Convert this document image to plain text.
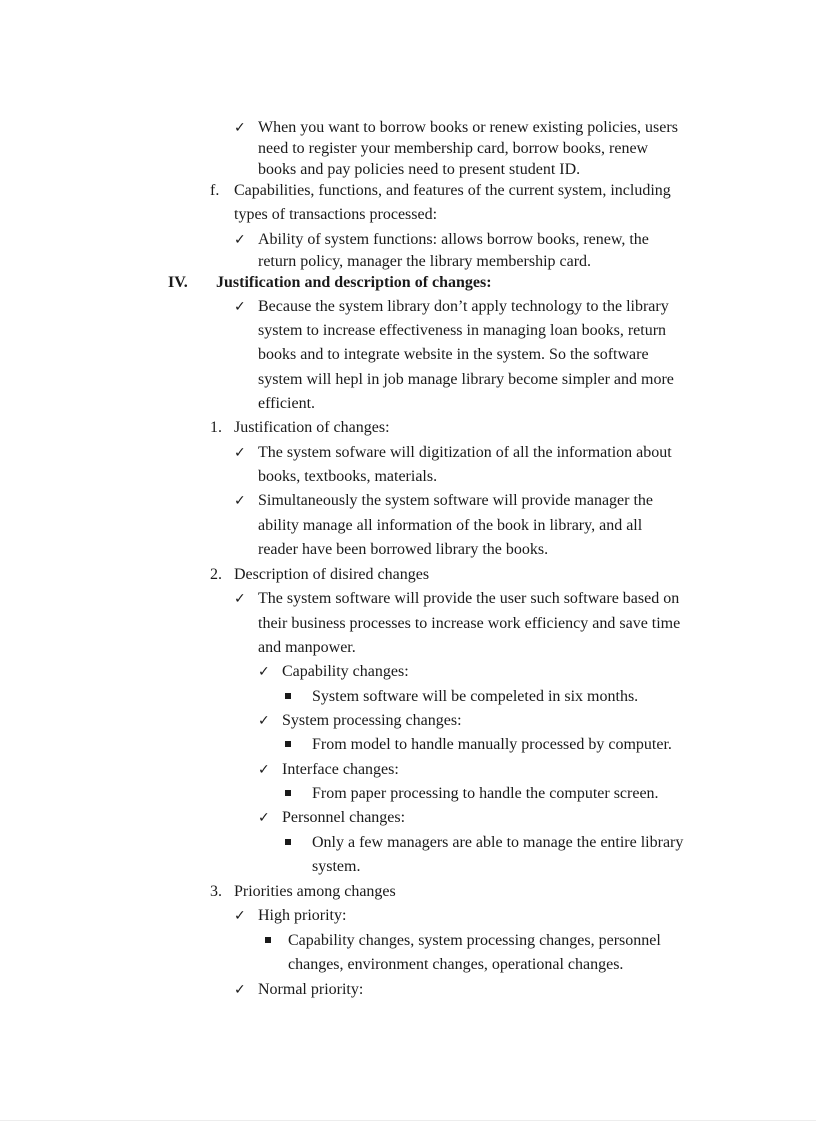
✓ When you want to borrow books or renew existing policies, users
need to register your membership card, borrow books, renew
books and pay policies need to present student ID.
f. Capabilities, functions, and features of the current system, including
types of transactions processed:
✓ Ability of system functions: allows borrow books, renew, the
return policy, manager the library membership card.
IV. Justification and description of changes:
✓ Because the system library don’t apply technology to the library
system to increase effectiveness in managing loan books, return
books and to integrate website in the system. So the software
system will hepl in job manage library become simpler and more
efficient.
1. Justification of changes:
✓ The system sofware will digitization of all the information about
books, textbooks, materials.
✓ Simultaneously the system software will provide manager the
ability manage all information of the book in library, and all
reader have been borrowed library the books.
2. Description of disired changes
✓ The system software will provide the user such software based on
their business processes to increase work efficiency and save time
and manpower.
✓ Capability changes:
System software will be compeleted in six months.
✓ System processing changes:
From model to handle manually processed by computer.
✓ Interface changes:
From paper processing to handle the computer screen.
✓ Personnel changes:
Only a few managers are able to manage the entire library
system.
3. Priorities among changes
✓ High priority:
Capability changes, system processing changes, personnel
changes, environment changes, operational changes.
✓ Normal priority:
